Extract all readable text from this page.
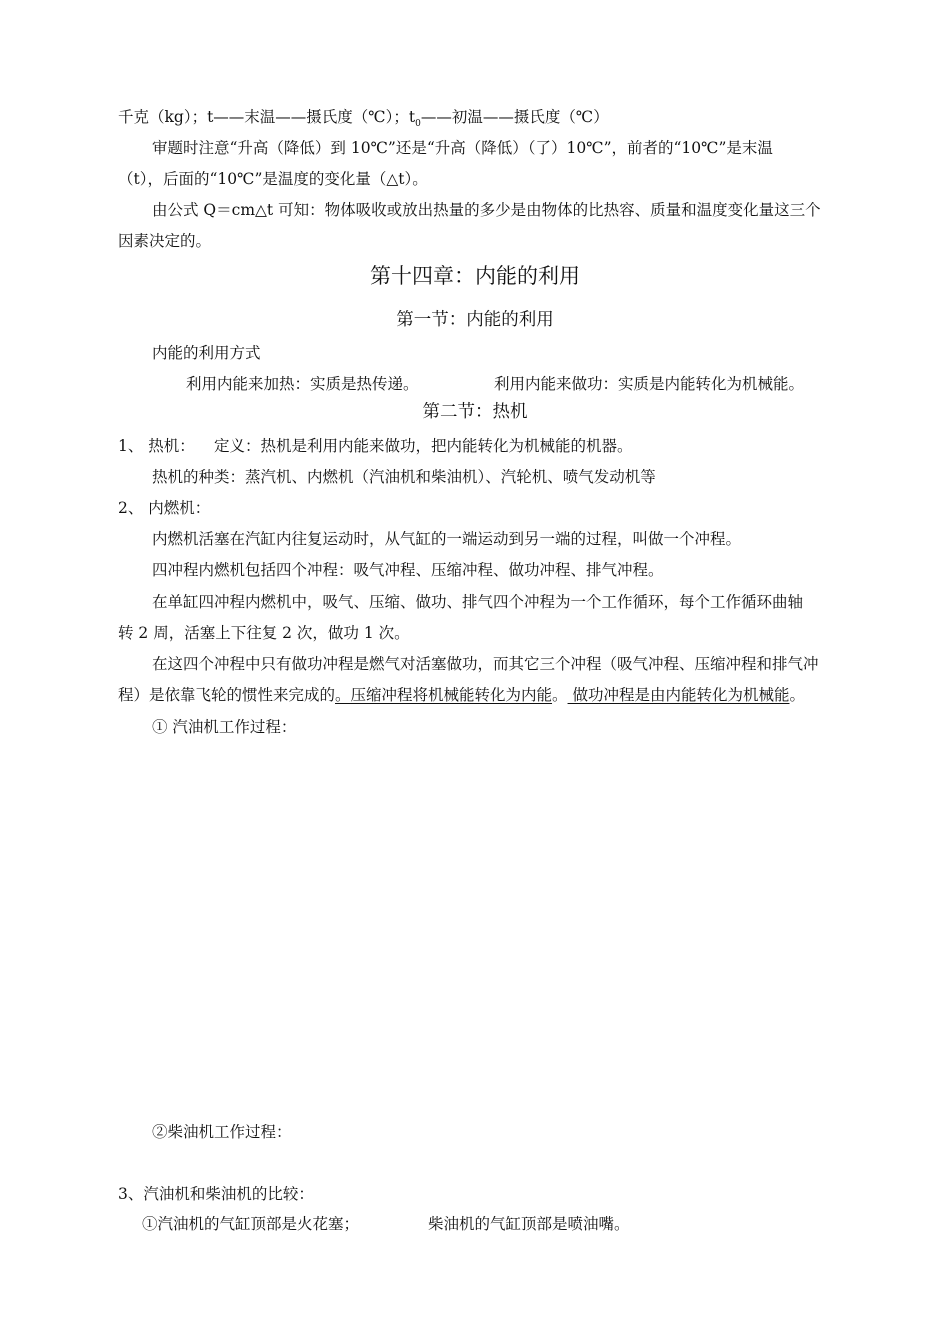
千克（kg）；t——末温——摄氏度（℃）；$t_0——$初温——摄氏度（℃）
审题时注意“升高（降低）到 10℃”还是“升高（降低）（了）10℃”，前者的“10℃”是末温
（t），后面的“10℃”是温度的变化量（△t）。
由公式 Q＝cm△t 可知：物体吸收或放出热量的多少是由物体的比热容、质量和温度变化量这三个
因素决定的。
第十四章：内能的利用
第一节：内能的利用
内能的利用方式
利用内能来加热：实质是热传递。	利用内能来做功：实质是内能转化为机械能。
第二节：热机
1、 热机： 定义：热机是利用内能来做功，把内能转化为机械能的机器。
热机的种类：蒸汽机、内燃机（汽油机和柴油机）、汽轮机、喷气发动机等
2、 内燃机：
内燃机活塞在汽缸内往复运动时，从气缸的一端运动到另一端的过程，叫做一个冲程。
四冲程内燃机包括四个冲程：吸气冲程、压缩冲程、做功冲程、排气冲程。
在单缸四冲程内燃机中，吸气、压缩、做功、排气四个冲程为一个工作循环，每个工作循环曲轴
转 2 周，活塞上下往复 2 次，做功 1 次。
在这四个冲程中只有做功冲程是燃气对活塞做功，而其它三个冲程（吸气冲程、压缩冲程和排气冲
程）是依靠飞轮的惯性来完成的。压缩冲程将机械能转化为内能。 做功冲程是由内能转化为机械能。
① 汽油机工作过程：
②柴油机工作过程：
3、汽油机和柴油机的比较：
①汽油机的气缸顶部是火花塞；	柴油机的气缸顶部是喷油嘴。
